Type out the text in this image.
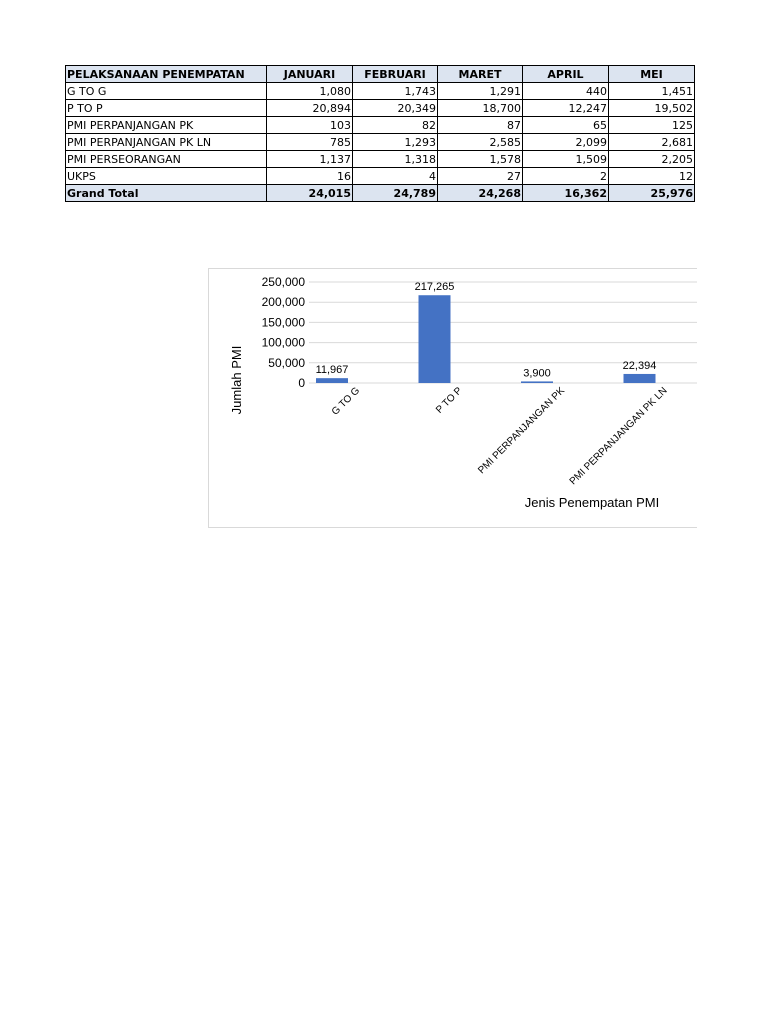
PELAKSANAAN PENEMPATAN	JANUARI	FEBRUARI	MARET	APRIL	MEI
G TO G	1,080	1,743	1,291	440	1,451
P TO P	20,894	20,349	18,700	12,247	19,502
PMI PERPANJANGAN PK	103	82	87	65	125
PMI PERPANJANGAN PK LN	785	1,293	2,585	2,099	2,681
PMI PERSEORANGAN	1,137	1,318	1,578	1,509	2,205
UKPS	16	4	27	2	12
Grand Total	24,015	24,789	24,268	16,362	25,976
250,000
200,000
150,000
100,000
50,000
0
11,967
G TO G
217,265
P TO P
3,900
PMI PERPANJANGAN PK
22,394
PMI PERPANJANGAN PK LN
Jenis Penempatan PMI
Jumlah PMI
